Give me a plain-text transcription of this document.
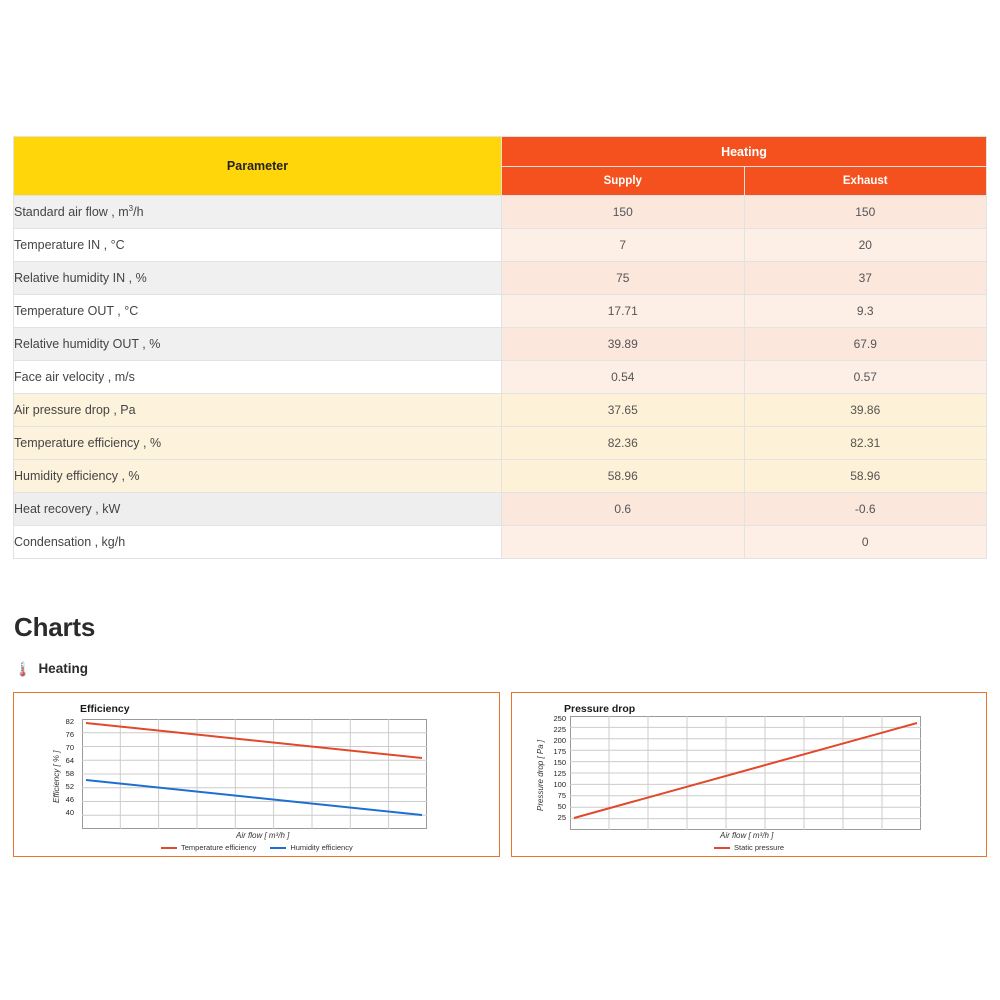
Parameter	Heating	
	Supply	Exhaust
Standard air flow , $m^3/h$	150	150
Temperature IN , °C	7	20
Relative humidity IN , %	75	37
Temperature OUT , °C	17.71	9.3
Relative humidity OUT , %	39.89	67.9
Face air velocity , m/s	0.54	0.57
Air pressure drop , Pa	37.65	39.86
Temperature efficiency , %	82.36	82.31
Humidity efficiency , %	58.96	58.96
Heat recovery , kW	0.6	-0.6
Condensation , kg/h		0
Charts
🌡️ Heating
Efficiency
Efficiency [ % ]
82
76
70
64
58
52
46
40
Air flow [ m³/h ]
Temperature efficiency	Humidity efficiency
Pressure drop
Pressure drop [ Pa ]
250
225
200
175
150
125
100
75
50
25
Air flow [ m³/h ]
Static pressure
